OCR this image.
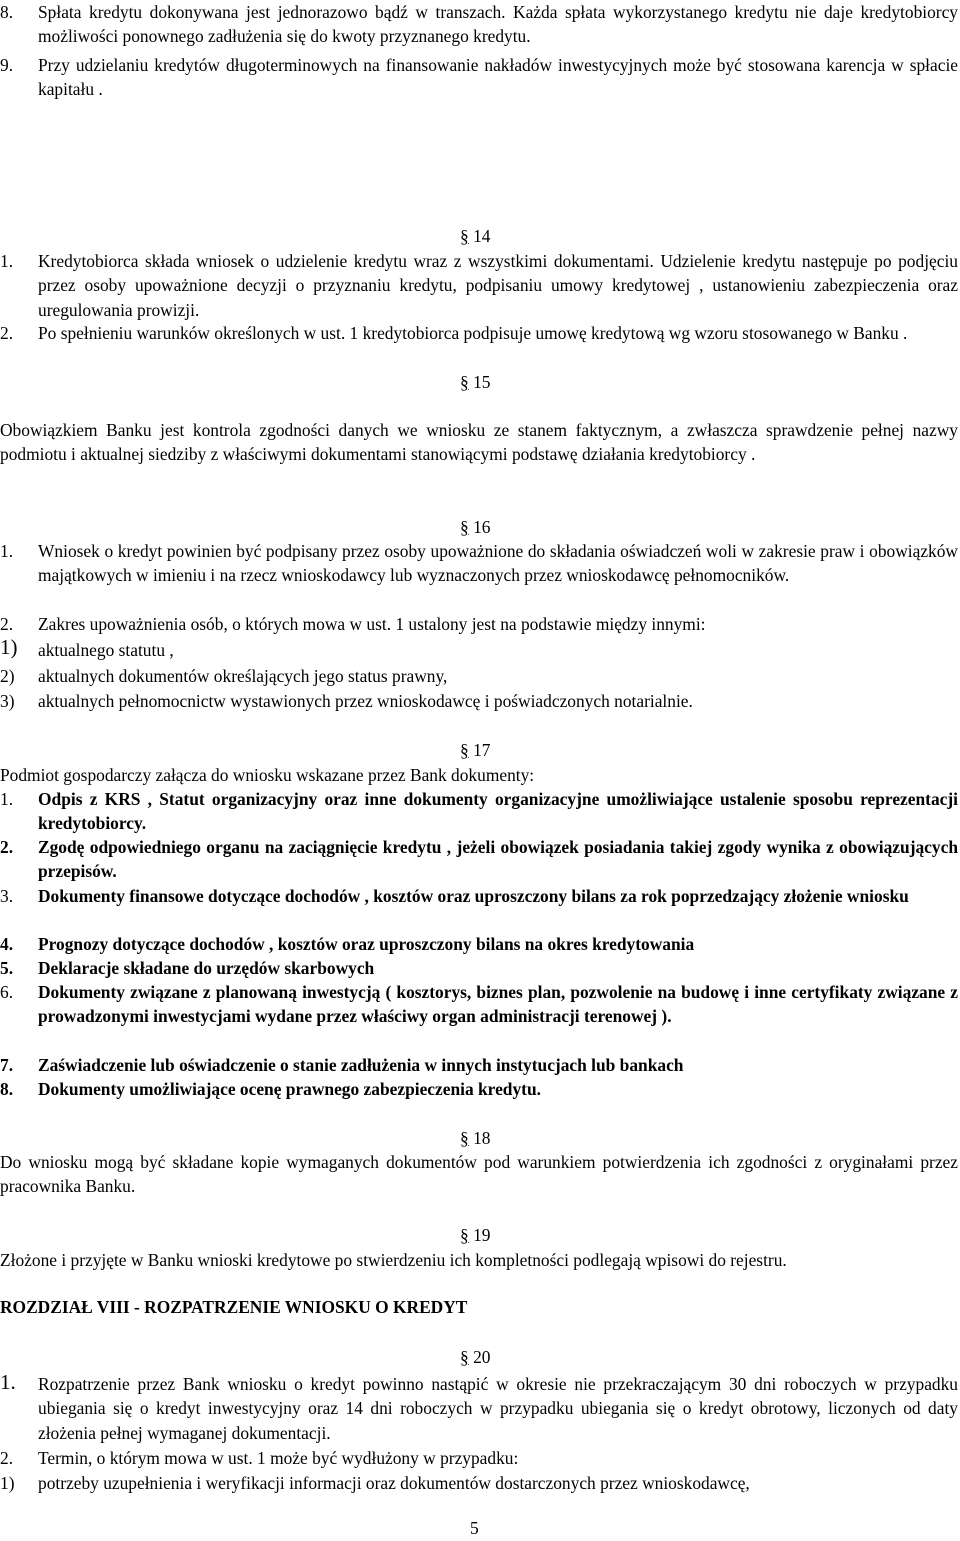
8. Spłata kredytu dokonywana jest jednorazowo bądź w transzach. Każda spłata wykorzystanego kredytu nie daje kredytobiorcy możliwości ponownego zadłużenia się do kwoty przyznanego kredytu.
9. Przy udzielaniu kredytów długoterminowych na finansowanie nakładów inwestycyjnych może być stosowana karencja w spłacie kapitału .
§ 14
1. Kredytobiorca składa wniosek o udzielenie kredytu wraz z wszystkimi dokumentami. Udzielenie kredytu następuje po podjęciu przez osoby upoważnione decyzji o przyznaniu kredytu, podpisaniu umowy kredytowej , ustanowieniu zabezpieczenia oraz uregulowania prowizji.
2. Po spełnieniu warunków określonych w ust. 1 kredytobiorca podpisuje umowę kredytową wg wzoru stosowanego w Banku .
§ 15
Obowiązkiem Banku jest kontrola zgodności danych we wniosku ze stanem faktycznym, a zwłaszcza sprawdzenie pełnej nazwy podmiotu i aktualnej siedziby z właściwymi dokumentami stanowiącymi podstawę działania kredytobiorcy .
§ 16
1. Wniosek o kredyt powinien być podpisany przez osoby upoważnione do składania oświadczeń woli w zakresie praw i obowiązków majątkowych w imieniu i na rzecz wnioskodawcy lub wyznaczonych przez wnioskodawcę pełnomocników.
2. Zakres upoważnienia osób, o których mowa w ust. 1 ustalony jest na podstawie między innymi:
1) aktualnego statutu ,
2) aktualnych dokumentów określających jego status prawny,
3) aktualnych pełnomocnictw wystawionych przez wnioskodawcę i poświadczonych notarialnie.
§ 17
Podmiot gospodarczy załącza do wniosku wskazane przez Bank dokumenty:
1. Odpis z KRS , Statut organizacyjny oraz inne dokumenty organizacyjne umożliwiające ustalenie sposobu reprezentacji kredytobiorcy.
2. Zgodę odpowiedniego organu na zaciągnięcie kredytu , jeżeli obowiązek posiadania takiej zgody wynika z obowiązujących przepisów.
3. Dokumenty finansowe dotyczące dochodów , kosztów oraz uproszczony bilans za rok poprzedzający złożenie wniosku
4. Prognozy dotyczące dochodów , kosztów oraz uproszczony bilans na okres kredytowania
5. Deklaracje składane do urzędów skarbowych
6. Dokumenty związane z planowaną inwestycją ( kosztorys, biznes plan, pozwolenie na budowę i inne certyfikaty związane z prowadzonymi inwestycjami wydane przez właściwy organ administracji terenowej ).
7. Zaświadczenie lub oświadczenie o stanie zadłużenia w innych instytucjach lub bankach
8. Dokumenty umożliwiające ocenę prawnego zabezpieczenia kredytu.
§ 18
Do wniosku mogą być składane kopie wymaganych dokumentów pod warunkiem potwierdzenia ich zgodności z oryginałami przez pracownika Banku.
§ 19
Złożone i przyjęte w Banku wnioski kredytowe po stwierdzeniu ich kompletności podlegają wpisowi do rejestru.
ROZDZIAŁ VIII - ROZPATRZENIE WNIOSKU O KREDYT
§ 20
1. Rozpatrzenie przez Bank wniosku o kredyt powinno nastąpić w okresie nie przekraczającym 30 dni roboczych w przypadku ubiegania się o kredyt inwestycyjny oraz 14 dni roboczych w przypadku ubiegania się o kredyt obrotowy, liczonych od daty złożenia pełnej wymaganej dokumentacji.
2. Termin, o którym mowa w ust. 1 może być wydłużony w przypadku:
1) potrzeby uzupełnienia i weryfikacji informacji oraz dokumentów dostarczonych przez wnioskodawcę,
5
